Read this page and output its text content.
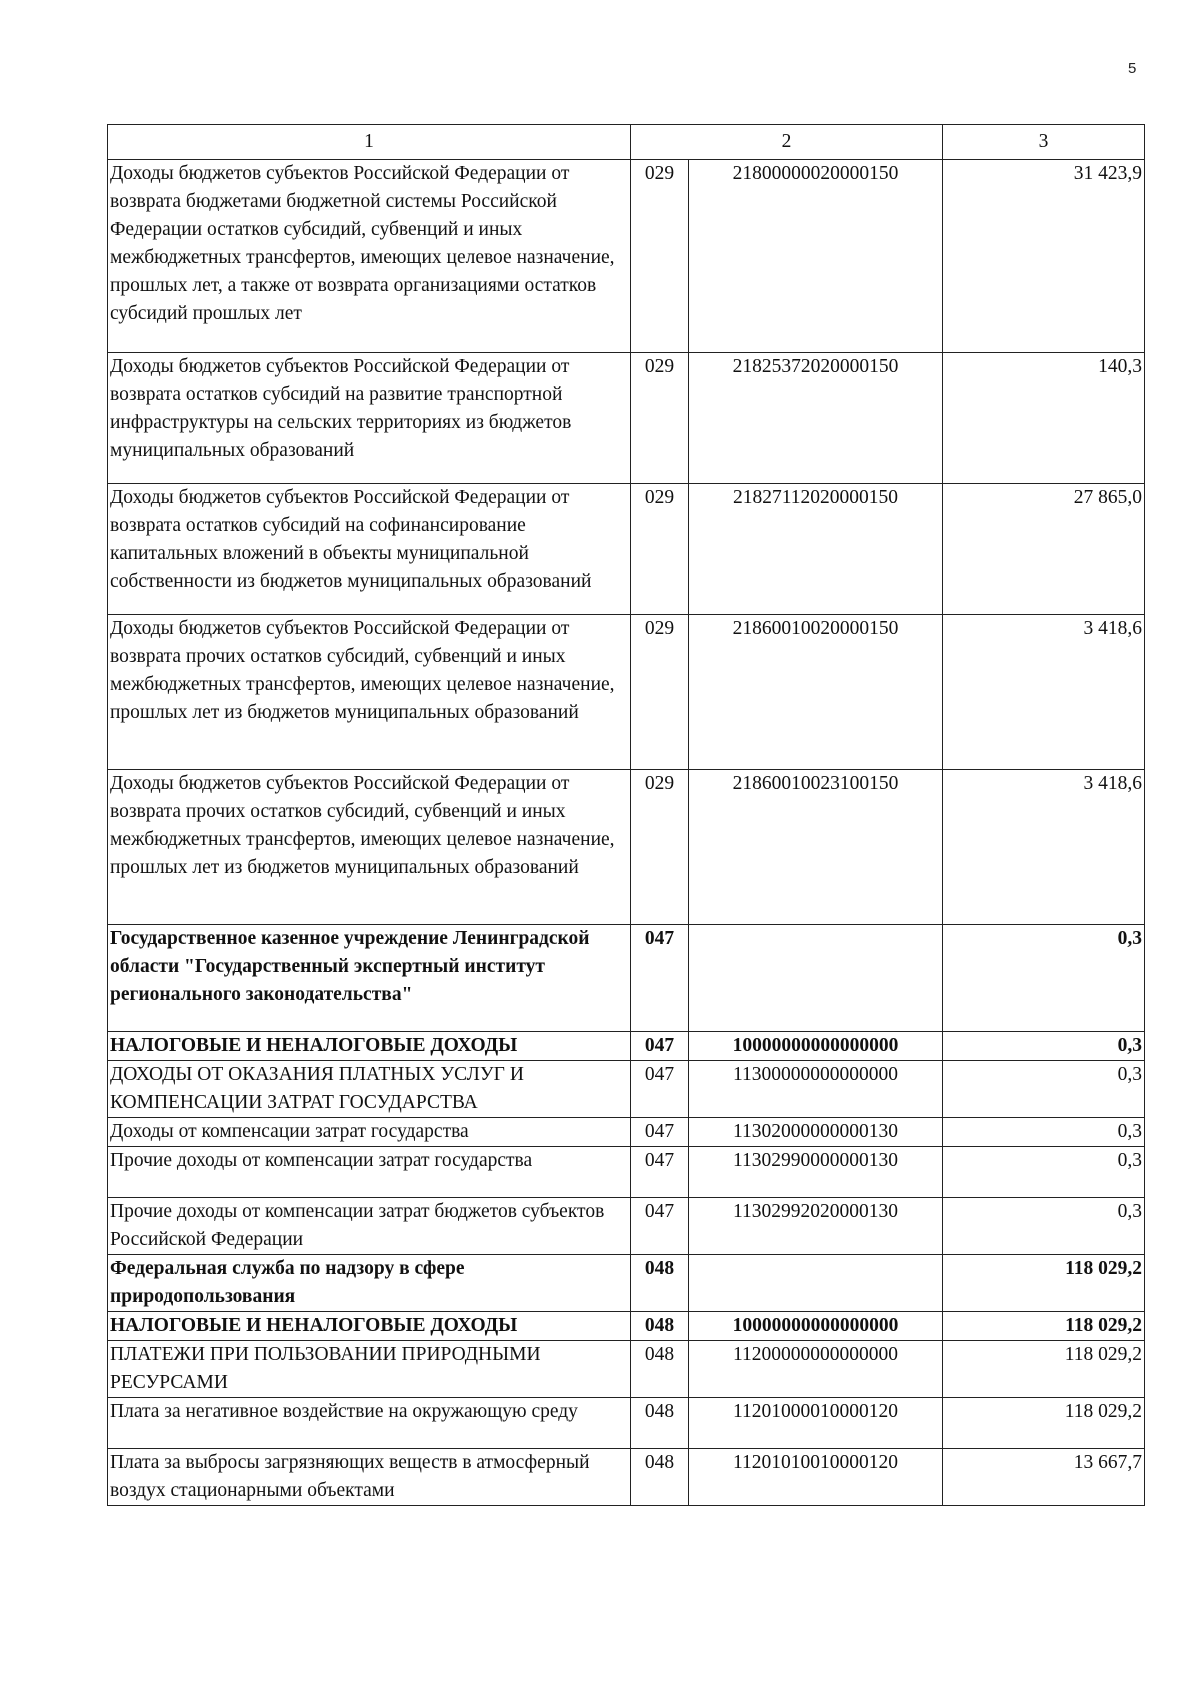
5
1	2		3
Доходы бюджетов субъектов Российской Федерации от возврата бюджетами бюджетной системы Российской Федерации остатков субсидий, субвенций и иных межбюджетных трансфертов, имеющих целевое назначение, прошлых лет, а также от возврата организациями остатков субсидий прошлых лет	029	21800000020000150	31 423,9
Доходы бюджетов субъектов Российской Федерации от возврата остатков субсидий на развитие транспортной инфраструктуры на сельских территориях из бюджетов муниципальных образований	029	21825372020000150	140,3
Доходы бюджетов субъектов Российской Федерации от возврата остатков субсидий на софинансирование капитальных вложений в объекты муниципальной собственности из бюджетов муниципальных образований	029	21827112020000150	27 865,0
Доходы бюджетов субъектов Российской Федерации от возврата прочих остатков субсидий, субвенций и иных межбюджетных трансфертов, имеющих целевое назначение, прошлых лет из бюджетов муниципальных образований	029	21860010020000150	3 418,6
Доходы бюджетов субъектов Российской Федерации от возврата прочих остатков субсидий, субвенций и иных межбюджетных трансфертов, имеющих целевое назначение, прошлых лет из бюджетов муниципальных образований	029	21860010023100150	3 418,6
Государственное казенное учреждение Ленинградской области "Государственный экспертный институт регионального законодательства"	047		0,3
НАЛОГОВЫЕ И НЕНАЛОГОВЫЕ ДОХОДЫ	047	10000000000000000	0,3
ДОХОДЫ ОТ ОКАЗАНИЯ ПЛАТНЫХ УСЛУГ И КОМПЕНСАЦИИ ЗАТРАТ ГОСУДАРСТВА	047	11300000000000000	0,3
Доходы от компенсации затрат государства	047	11302000000000130	0,3
Прочие доходы от компенсации затрат государства	047	11302990000000130	0,3
Прочие доходы от компенсации затрат бюджетов субъектов Российской Федерации	047	11302992020000130	0,3
Федеральная служба по надзору в сфере природопользования	048		118 029,2
НАЛОГОВЫЕ И НЕНАЛОГОВЫЕ ДОХОДЫ	048	10000000000000000	118 029,2
ПЛАТЕЖИ ПРИ ПОЛЬЗОВАНИИ ПРИРОДНЫМИ РЕСУРСАМИ	048	11200000000000000	118 029,2
Плата за негативное воздействие на окружающую среду	048	11201000010000120	118 029,2
Плата за выбросы загрязняющих веществ в атмосферный воздух стационарными объектами	048	11201010010000120	13 667,7
